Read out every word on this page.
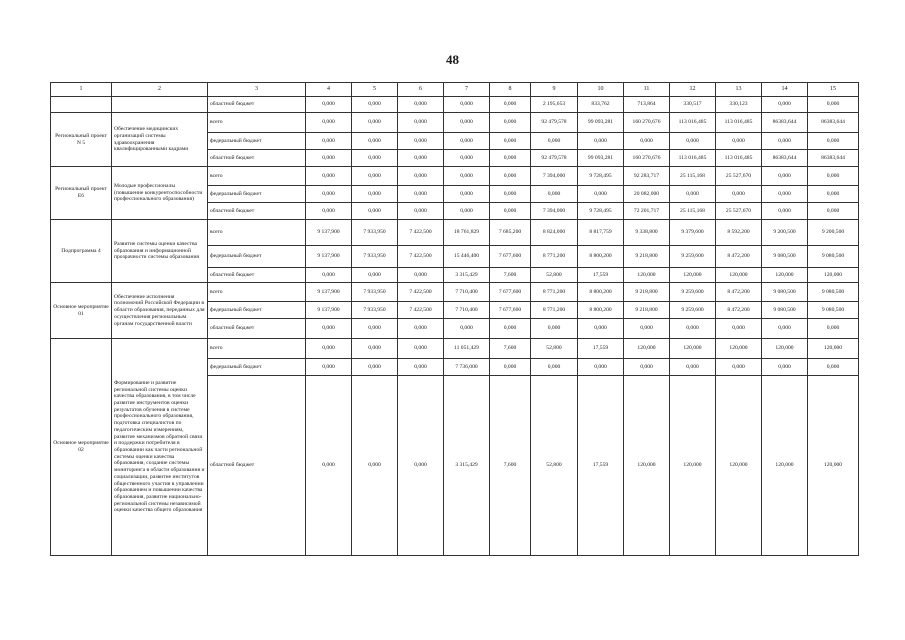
48
1	2	3	4	5	6	7	8	9	10	11	12	13	14	15
		областной бюджет	0,000	0,000	0,000	0,000	0,000	2 195,653	833,762	713,864	330,517	330,123	0,000	0,000
Региональный проект N 5	Обеспечение медицинских организаций системы здравоохранения квалифицированными кадрами	всего	0,000	0,000	0,000	0,000	0,000	92 479,578	99 093,281	160 270,676	113 016,485	113 016,485	86383,644	86383,644
		федеральный бюджет	0,000	0,000	0,000	0,000	0,000	0,000	0,000	0,000	0,000	0,000	0,000	0,000
		областной бюджет	0,000	0,000	0,000	0,000	0,000	92 479,578	99 093,281	160 270,676	113 016,485	113 016,485	86383,644	86383,644
Региональный проект Е6	Молодые профессионалы (повышение конкурентоспособности профессионального образования)	всего	0,000	0,000	0,000	0,000	0,000	7 394,000	9 728,495	92 283,717	25 115,168	25 527,670	0,000	0,000
		федеральный бюджет	0,000	0,000	0,000	0,000	0,000	0,000	0,000	20 082,000	0,000	0,000	0,000	0,000
		областной бюджет	0,000	0,000	0,000	0,000	0,000	7 394,000	9 728,495	72 201,717	25 115,168	25 527,670	0,000	0,000
Подпрограмма 4	Развитие системы оценки качества образования и информационной прозрачности системы образования	всего	9 137,900	7 933,950	7 422,500	18 761,829	7 685,200	8 824,000	8 817,759	9 338,800	9 379,600	8 592,200	9 200,500	9 200,500
		федеральный бюджет	9 137,900	7 933,950	7 422,500	15 446,400	7 677,600	8 771,200	8 800,200	9 218,800	9 259,600	8 472,200	9 080,500	9 080,500
		областной бюджет	0,000	0,000	0,000	3 315,429	7,600	52,800	17,559	120,000	120,000	120,000	120,000	120,000
Основное мероприятие 01	Обеспечение исполнения полномочий Российской Федерации в области образования, переданных для осуществления региональным органам государственной власти	всего	9 137,900	7 933,950	7 422,500	7 710,400	7 677,600	8 771,200	8 800,200	9 218,800	9 259,600	8 472,200	9 080,500	9 080,500
		федеральный бюджет	9 137,900	7 933,950	7 422,500	7 710,400	7 677,600	8 771,200	8 800,200	9 218,800	9 259,600	8 472,200	9 080,500	9 080,500
		областной бюджет	0,000	0,000	0,000	0,000	0,000	0,000	0,000	0,000	0,000	0,000	0,000	0,000
Основное мероприятие 02	Формирование и развитие региональной системы оценки качества образования, в том числе развитие инструментов оценки результатов обучения в системе профессионального образования, подготовка специалистов по педагогическим измерениям, развитие механизмов обратной связи и поддержки потребителя в образовании как части региональной системы оценки качества образования, создание системы мониторинга в области образования и социализации, развитие институтов общественного участия в управлении образованием и повышении качества образования, развитие национально-региональной системы независимой оценки качества общего образования	всего	0,000	0,000	0,000	11 051,429	7,600	52,800	17,559	120,000	120,000	120,000	120,000	120,000
		федеральный бюджет	0,000	0,000	0,000	7 736,000	0,000	0,000	0,000	0,000	0,000	0,000	0,000	0,000
		областной бюджет	0,000	0,000	0,000	3 315,429	7,600	52,800	17,559	120,000	120,000	120,000	120,000	120,000
